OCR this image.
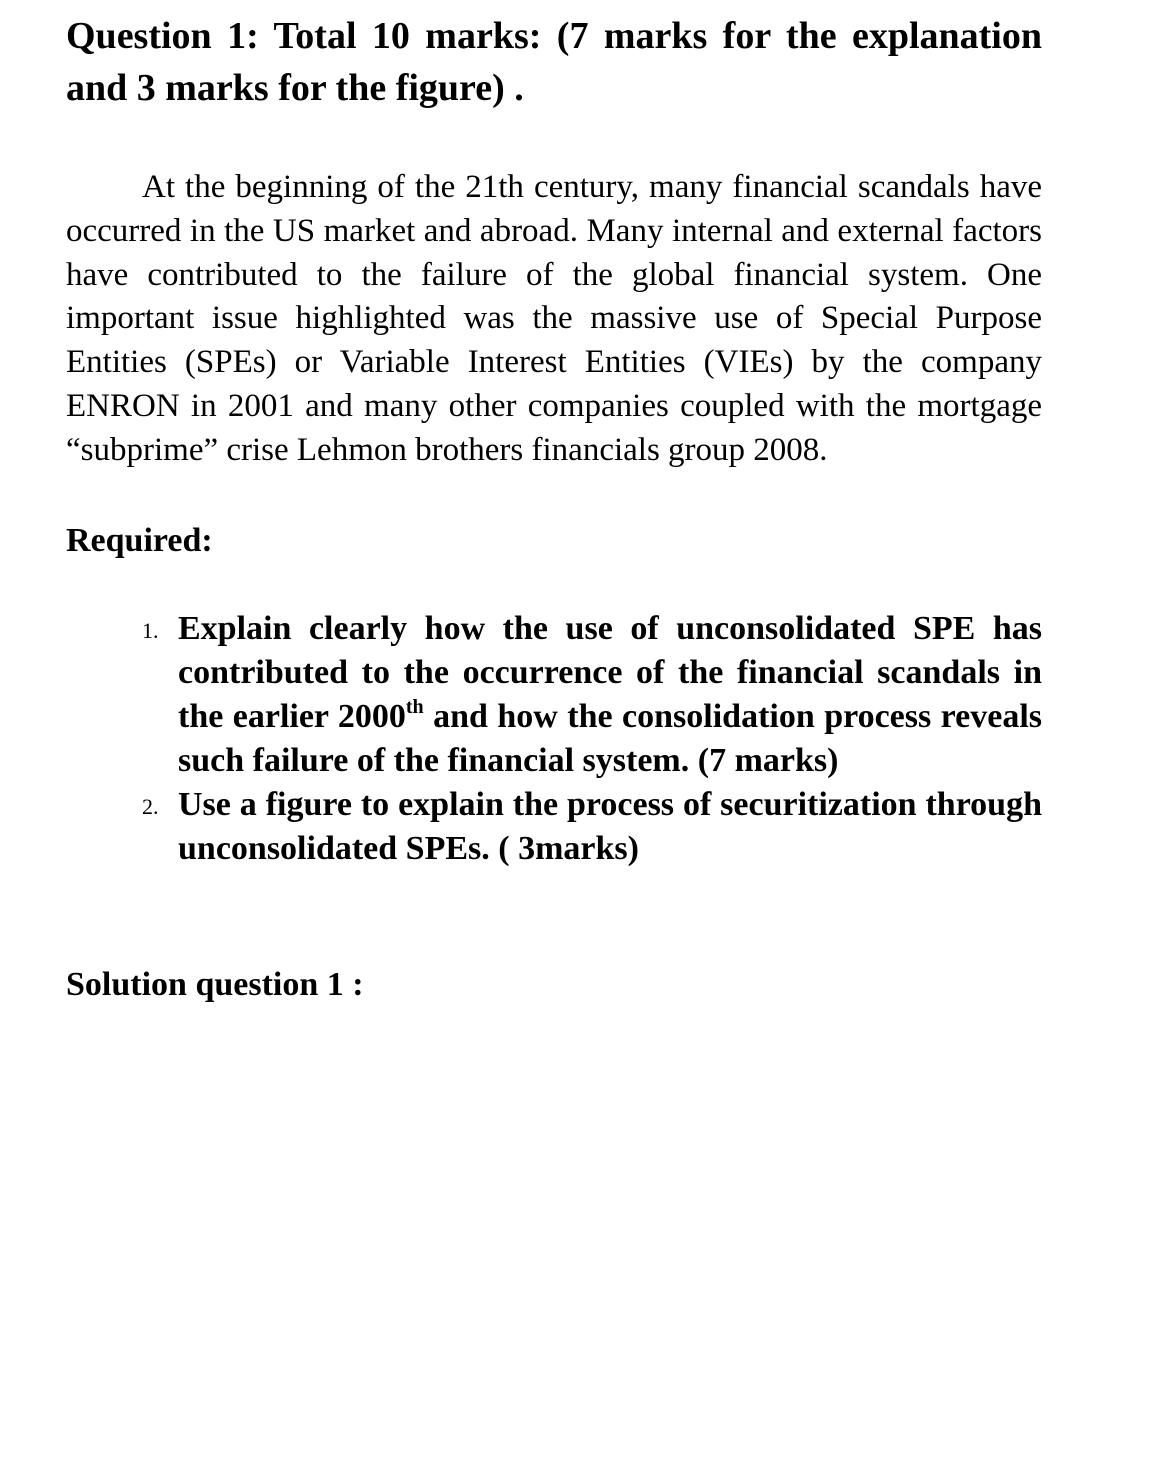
Question 1: Total 10 marks: (7 marks for the explanation and 3 marks for the figure) .

At the beginning of the 21th century, many financial scandals have occurred in the US market and abroad. Many internal and external factors have contributed to the failure of the global financial system. One important issue highlighted was the massive use of Special Purpose Entities (SPEs) or Variable Interest Entities (VIEs) by the company ENRON in 2001 and many other companies coupled with the mortgage “subprime” crise Lehmon brothers financials group 2008.

Required:
1. Explain clearly how the use of unconsolidated SPE has contributed to the occurrence of the financial scandals in the earlier 2000th and how the consolidation process reveals such failure of the financial system. (7 marks)
2. Use a figure to explain the process of securitization through unconsolidated SPEs. ( 3marks)
Solution question 1 :
